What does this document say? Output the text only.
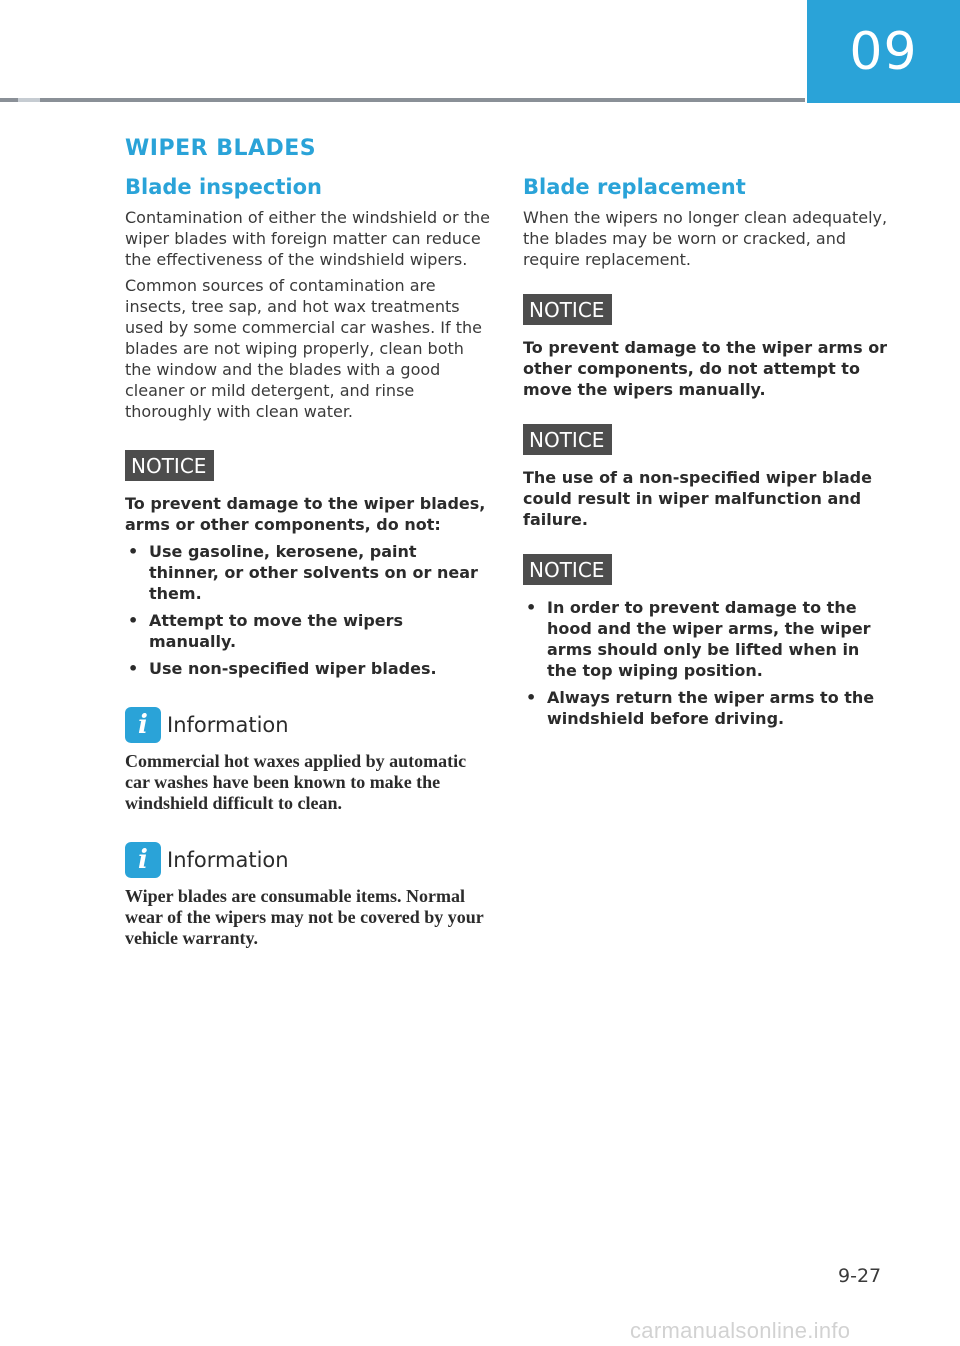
09
WIPER BLADES
Blade inspection

Contamination of either the windshield or the wiper blades with foreign matter can reduce the effectiveness of the windshield wipers.

Common sources of contamination are insects, tree sap, and hot wax treatments used by some commercial car washes. If the blades are not wiping properly, clean both the window and the blades with a good cleaner or mild detergent, and rinse thoroughly with clean water.

NOTICE

To prevent damage to the wiper blades, arms or other components, do not:

• Use gasoline, kerosene, paint thinner, or other solvents on or near them.
• Attempt to move the wipers manually.
• Use non-specified wiper blades.
i Information

Commercial hot waxes applied by automatic car washes have been known to make the windshield difficult to clean.

i Information

Wiper blades are consumable items. Normal wear of the wipers may not be covered by your vehicle warranty.

Blade replacement

When the wipers no longer clean adequately, the blades may be worn or cracked, and require replacement.

NOTICE

To prevent damage to the wiper arms or other components, do not attempt to move the wipers manually.

NOTICE

The use of a non-specified wiper blade could result in wiper malfunction and failure.

NOTICE
• In order to prevent damage to the hood and the wiper arms, the wiper arms should only be lifted when in the top wiping position.
• Always return the wiper arms to the windshield before driving.
9-27
carmanualsonline.info
